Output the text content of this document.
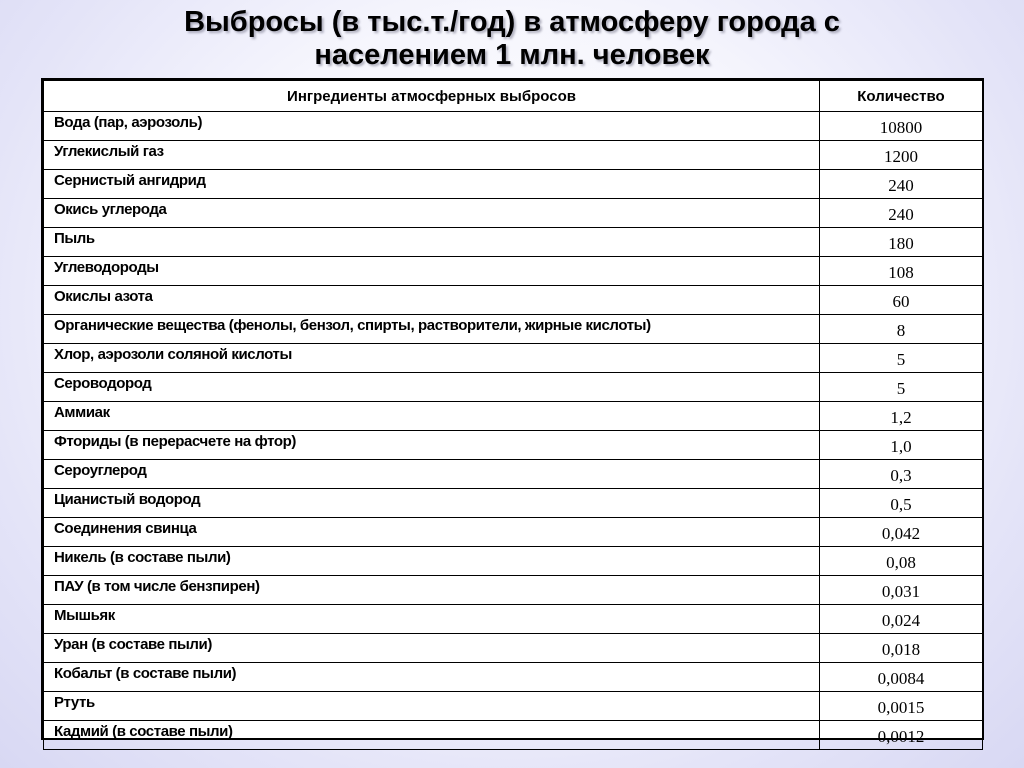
Выбросы (в тыс.т./год) в атмосферу города с
населением 1 млн. человек
Ингредиенты атмосферных выбросов	Количество
Вода (пар, аэрозоль)	10800
Углекислый газ	1200
Сернистый ангидрид	240
Окись углерода	240
Пыль	180
Углеводороды	108
Окислы азота	60
Органические вещества (фенолы, бензол, спирты, растворители, жирные кислоты)	8
Хлор, аэрозоли соляной кислоты	5
Сероводород	5
Аммиак	1,2
Фториды (в перерасчете на фтор)	1,0
Сероуглерод	0,3
Цианистый водород	0,5
Соединения свинца	0,042
Никель (в составе пыли)	0,08
ПАУ (в том числе бензпирен)	0,031
Мышьяк	0,024
Уран (в составе пыли)	0,018
Кобальт (в составе пыли)	0,0084
Ртуть	0,0015
Кадмий (в составе пыли)	0,0012
